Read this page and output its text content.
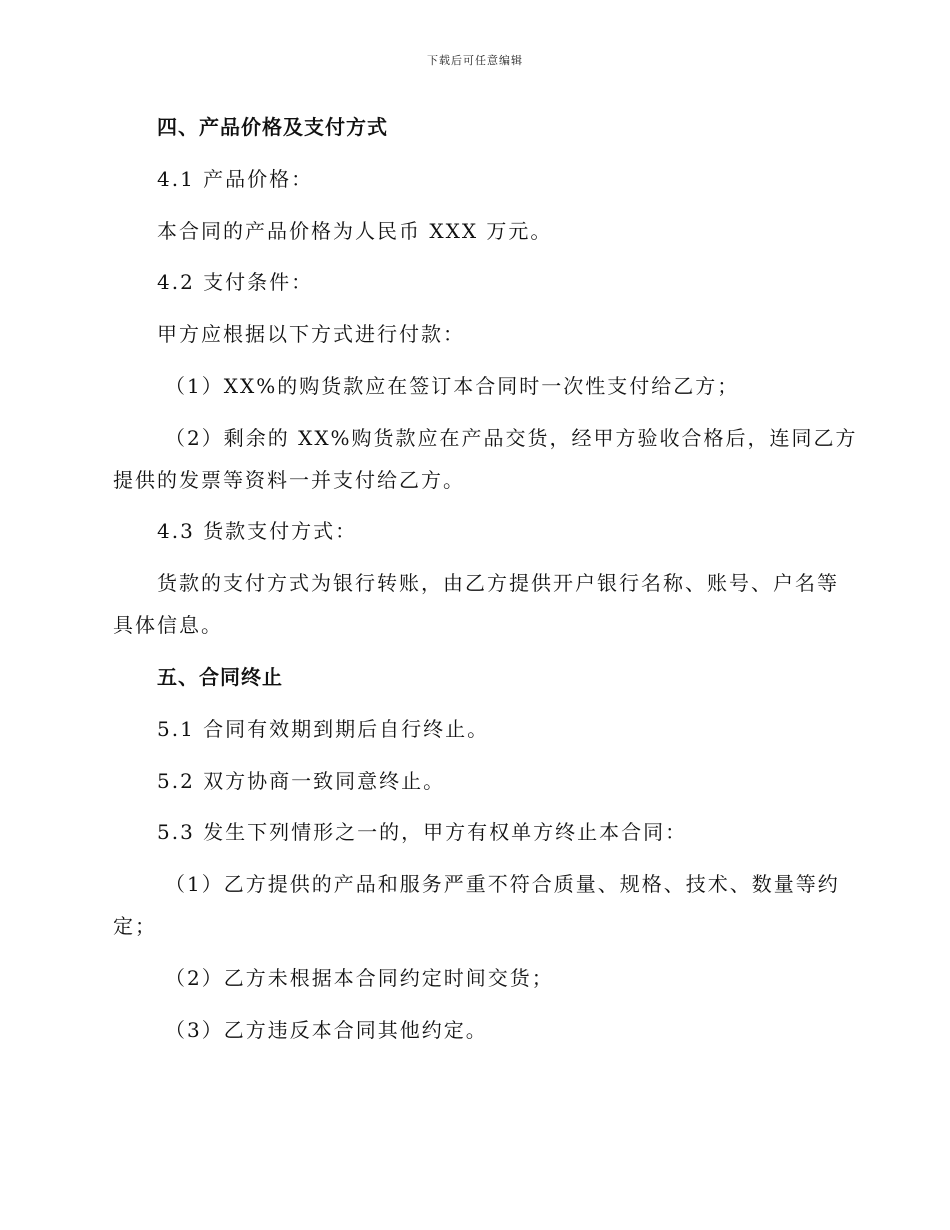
下载后可任意编辑
四、产品价格及支付方式
4.1 产品价格：
本合同的产品价格为人民币 XXX 万元。
4.2 支付条件：
甲方应根据以下方式进行付款：
（1）XX%的购货款应在签订本合同时一次性支付给乙方；
（2）剩余的 XX%购货款应在产品交货，经甲方验收合格后，连同乙方
提供的发票等资料一并支付给乙方。
4.3 货款支付方式：
货款的支付方式为银行转账，由乙方提供开户银行名称、账号、户名等
具体信息。
五、合同终止
5.1 合同有效期到期后自行终止。
5.2 双方协商一致同意终止。
5.3 发生下列情形之一的，甲方有权单方终止本合同：
（1）乙方提供的产品和服务严重不符合质量、规格、技术、数量等约
定；
（2）乙方未根据本合同约定时间交货；
（3）乙方违反本合同其他约定。
